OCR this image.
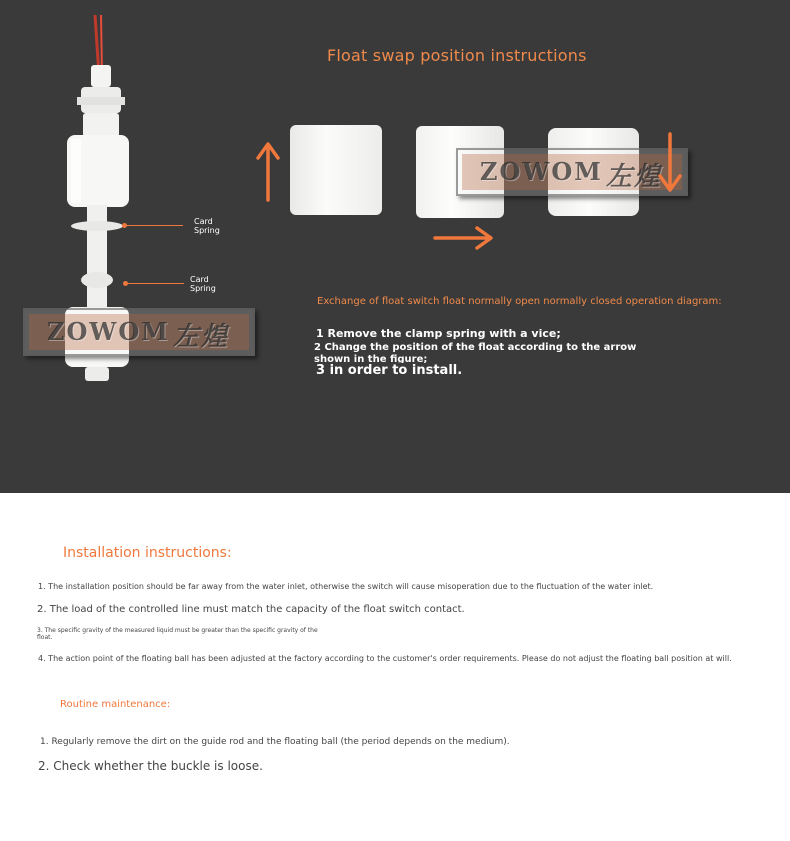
Card
Spring
Card
Spring
ZOWOM 左煌
Float swap position instructions
ZOWOM 左煌
Exchange of float switch float normally open normally closed operation diagram:
1 Remove the clamp spring with a vice;
2 Change the position of the float according to the arrow
shown in the figure;
3 in order to install.
Installation instructions:
1. The installation position should be far away from the water inlet, otherwise the switch will cause misoperation due to the fluctuation of the water inlet.
2. The load of the controlled line must match the capacity of the float switch contact.
3. The specific gravity of the measured liquid must be greater than the specific gravity of the
float.
4. The action point of the floating ball has been adjusted at the factory according to the customer's order requirements. Please do not adjust the floating ball position at will.
Routine maintenance:
1. Regularly remove the dirt on the guide rod and the floating ball (the period depends on the medium).
2. Check whether the buckle is loose.
